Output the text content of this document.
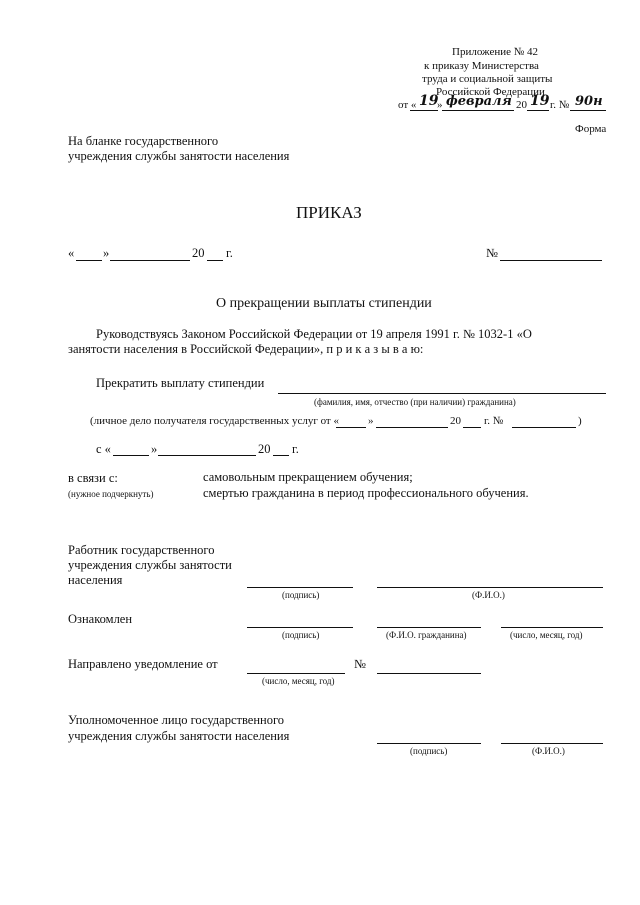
Приложение № 42
к приказу Министерства
труда и социальной защиты
Российской Федерации
от « 19
» февраля 20 19 г. № 90н
Форма
На бланке государственного
учреждения службы занятости населения
ПРИКАЗ
« »	20 г.	№
О прекращении выплаты стипендии
Руководствуясь Законом Российской Федерации от 19 апреля 1991 г. № 1032-1 «О
занятости населения в Российской Федерации», п р и к а з ы в а ю:
Прекратить выплату стипендии
(фамилия, имя, отчество (при наличии) гражданина)
(личное дело получателя государственных услуг от «	»	20 г. №	)
с «	»	20 г.
в связи с:
(нужное подчеркнуть)
самовольным прекращением обучения;
смертью гражданина в период профессионального обучения.
Работник государственного
учреждения службы занятости
населения
(подпись)	(Ф.И.О.)
Ознакомлен
(подпись)	(Ф.И.О. гражданина)	(число, месяц, год)
Направлено уведомление от	№
(число, месяц, год)
Уполномоченное лицо государственного
учреждения службы занятости населения
(подпись)	(Ф.И.О.)
